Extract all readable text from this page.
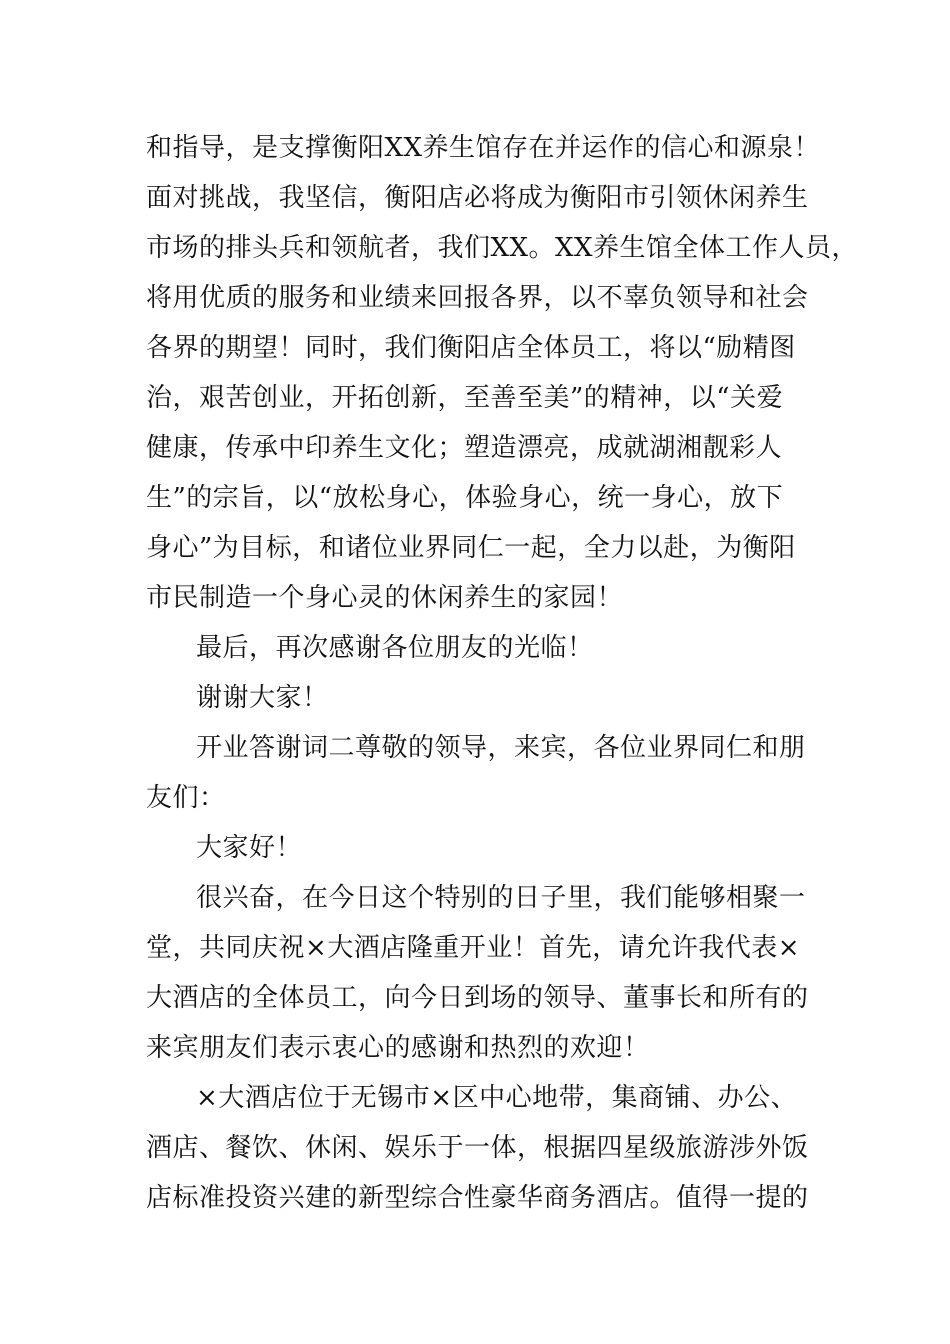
和指导，是支撑衡阳XX养生馆存在并运作的信心和源泉！
面对挑战，我坚信，衡阳店必将成为衡阳市引领休闲养生
市场的排头兵和领航者，我们XX。XX养生馆全体工作人员，
将用优质的服务和业绩来回报各界，以不辜负领导和社会
各界的期望！同时，我们衡阳店全体员工，将以“励精图
治，艰苦创业，开拓创新，至善至美”的精神，以“关爱
健康，传承中印养生文化；塑造漂亮，成就湖湘靓彩人
生”的宗旨，以“放松身心，体验身心，统一身心，放下
身心”为目标，和诸位业界同仁一起，全力以赴，为衡阳
市民制造一个身心灵的休闲养生的家园！
最后，再次感谢各位朋友的光临！
谢谢大家！
开业答谢词二尊敬的领导，来宾，各位业界同仁和朋
友们：
大家好！
很兴奋，在今日这个特别的日子里，我们能够相聚一
堂，共同庆祝×大酒店隆重开业！首先，请允许我代表×
大酒店的全体员工，向今日到场的领导、董事长和所有的
来宾朋友们表示衷心的感谢和热烈的欢迎！
×大酒店位于无锡市×区中心地带，集商铺、办公、
酒店、餐饮、休闲、娱乐于一体，根据四星级旅游涉外饭
店标准投资兴建的新型综合性豪华商务酒店。值得一提的
